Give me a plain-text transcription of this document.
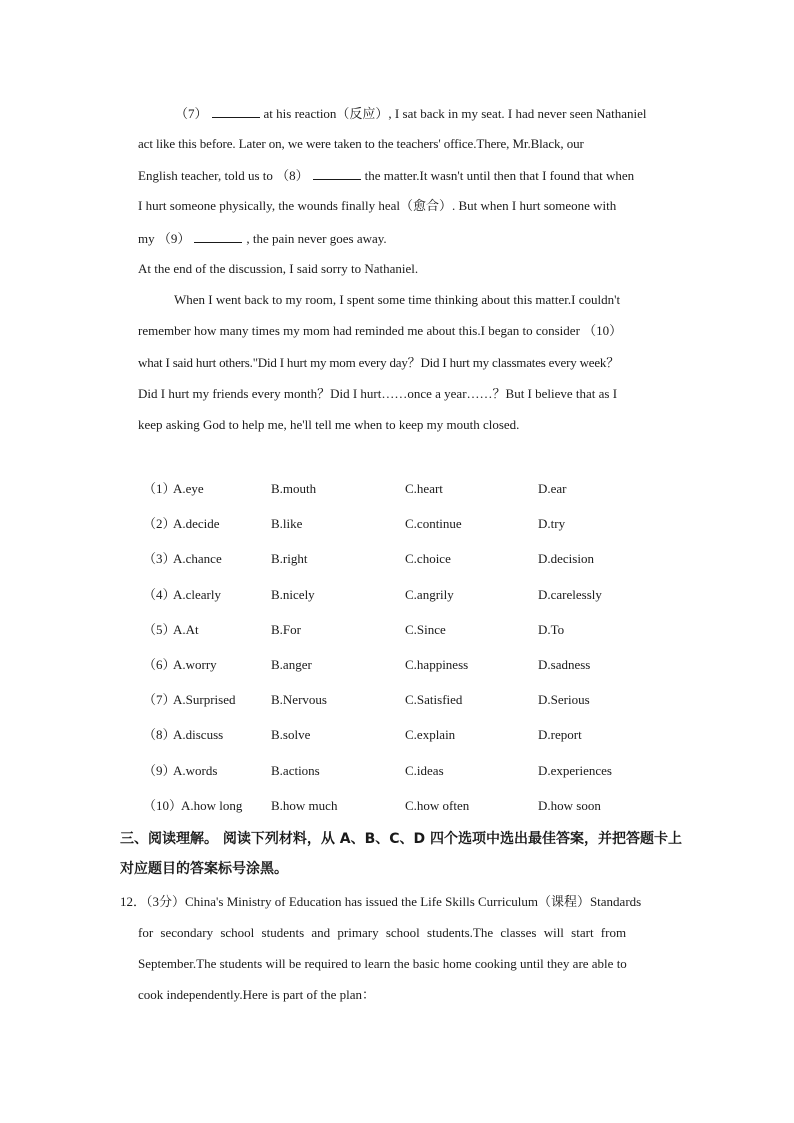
（7）	at his reaction（反应）, I sat back in my seat. I had never seen Nathaniel
act like this before. Later on, we were taken to the teachers' office.There, Mr.Black, our
English teacher, told us to （8）	the matter.It wasn't until then that I found that when
I hurt someone physically, the wounds finally heal（愈合）. But when I hurt someone with
my （9）	, the pain never goes away.
At the end of the discussion, I said sorry to Nathaniel.
When I went back to my room, I spent some time thinking about this matter.I couldn't
remember how many times my mom had reminded me about this.I began to consider （10）
what I said hurt others."Did I hurt my mom every day？Did I hurt my classmates every week？
Did I hurt my friends every month？Did I hurt……once a year……？But I believe that as I
keep asking God to help me, he'll tell me when to keep my mouth closed.
（1）
A.eye	B.mouth	C.heart	D.ear
（2）
A.decide	B.like	C.continue	D.try
（3）
A.chance	B.right	C.choice	D.decision
（4）
A.clearly	B.nicely	C.angrily	D.carelessly
（5）
A.At	B.For	C.Since	D.To
（6）
A.worry	B.anger	C.happiness	D.sadness
（7）
A.Surprised	B.Nervous	C.Satisfied	D.Serious
（8）
A.discuss	B.solve	C.explain	D.report
（9）
A.words	B.actions	C.ideas	D.experiences
（10）
A.how long B.how much	C.how often	D.how soon
三、阅读理解。 阅读下列材料，从 A、B、C、D 四个选项中选出最佳答案，并把答题卡上
对应题目的答案标号涂黑。
12．（3分）China's Ministry of Education has issued the Life Skills Curriculum（课程）Standards
for secondary school students and primary school students.The classes will start from
September.The students will be required to learn the basic home cooking until they are able to
cook independently.Here is part of the plan：
